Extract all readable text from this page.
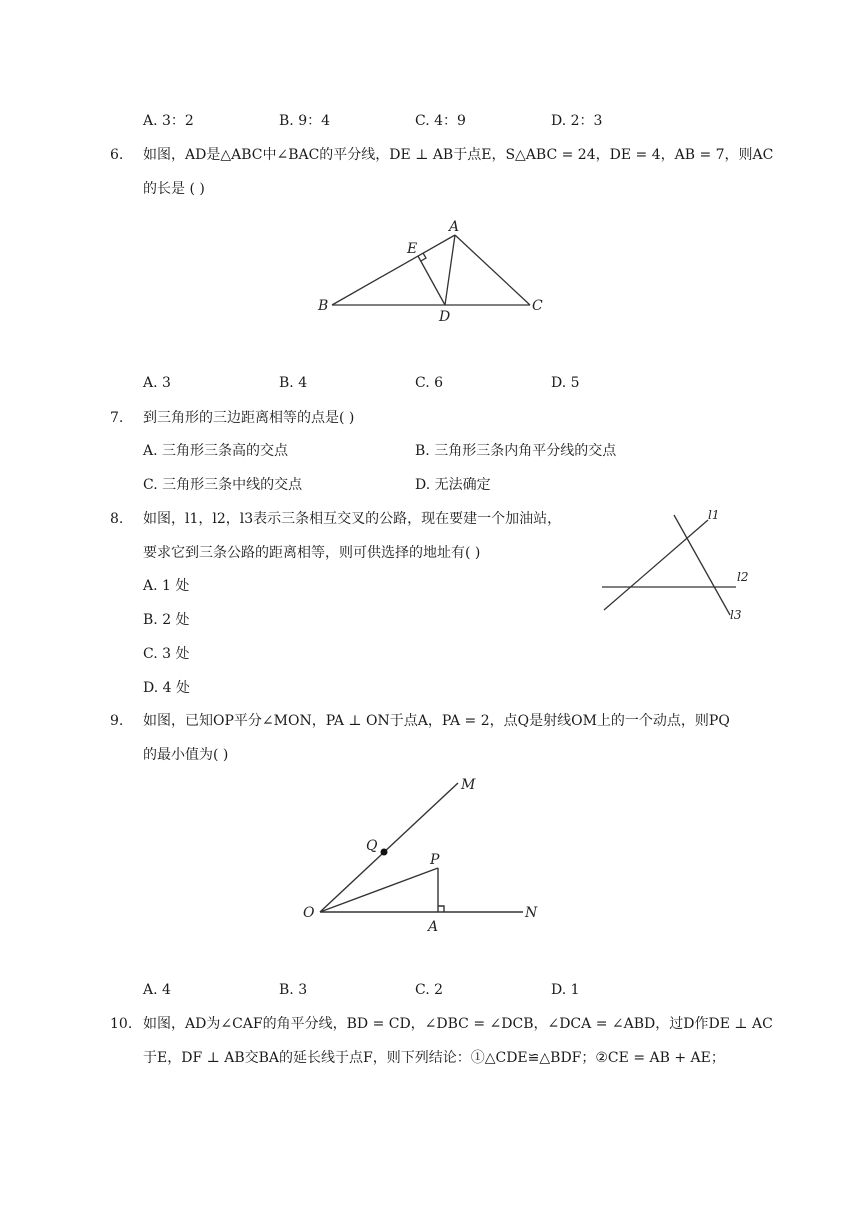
A. 3：2	B. 9：4	C. 4：9	D. 2：3
6. 如图，AD是△ABC中∠BAC的平分线，DE ⊥ AB于点E，S△ABC = 24，DE = 4，AB = 7，则AC
的长是 ( )
A
E
B
D
C
A. 3	B. 4	C. 6	D. 5
7. 到三角形的三边距离相等的点是( )
A. 三角形三条高的交点	B. 三角形三条内角平分线的交点
C. 三角形三条中线的交点	D. 无法确定
8. 如图，l1，l2，l3表示三条相互交叉的公路，现在要建一个加油站，
要求它到三条公路的距离相等，则可供选择的地址有( )
A. 1 处
B. 2 处
C. 3 处
D. 4 处
l1
l2
l3
9. 如图，已知OP平分∠MON，PA ⊥ ON于点A，PA = 2，点Q是射线OM上的一个动点，则PQ
的最小值为( )
M
Q
P
O	N
A
A. 4	B. 3	C. 2	D. 1
10. 如图，AD为∠CAF的角平分线，BD = CD，∠DBC = ∠DCB，∠DCA = ∠ABD，过D作DE ⊥ AC
于E，DF ⊥ AB交BA的延长线于点F，则下列结论：①△CDE≌△BDF；②CE = AB + AE；
